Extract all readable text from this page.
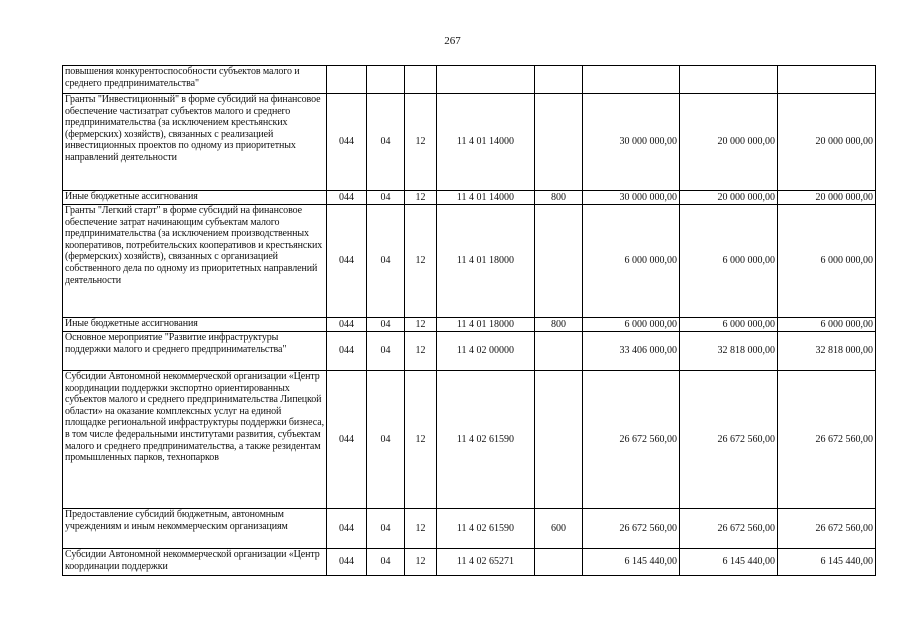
267
повышения конкурентоспособности субъектов малого и среднего предпринимательства"								
Гранты "Инвестиционный" в форме субсидий на финансовое обеспечение частизатрат субъектов малого и среднего предпринимательства (за исключением крестьянских (фермерских) хозяйств), связанных с реализацией инвестиционных проектов по одному из приоритетных направлений деятельности	044	04	12	11 4 01 14000		30 000 000,00	20 000 000,00	20 000 000,00
Иные бюджетные ассигнования	044	04	12	11 4 01 14000	800	30 000 000,00	20 000 000,00	20 000 000,00
Гранты "Легкий старт" в форме субсидий на финансовое обеспечение затрат начинающим субъектам малого предпринимательства (за исключением производственных кооперативов, потребительских кооперативов и крестьянских (фермерских) хозяйств), связанных с организацией собственного дела по одному из приоритетных направлений деятельности	044	04	12	11 4 01 18000		6 000 000,00	6 000 000,00	6 000 000,00
Иные бюджетные ассигнования	044	04	12	11 4 01 18000	800	6 000 000,00	6 000 000,00	6 000 000,00
Основное мероприятие "Развитие инфраструктуры поддержки малого и среднего предпринимательства"	044	04	12	11 4 02 00000		33 406 000,00	32 818 000,00	32 818 000,00
Субсидии Автономной некоммерческой организации «Центр координации поддержки экспортно ориентированных субъектов малого и среднего предпринимательства Липецкой области» на оказание комплексных услуг на единой площадке региональной инфраструктуры поддержки бизнеса, в том числе федеральными институтами развития, субъектам малого и среднего предпринимательства, а также резидентам промышленных парков, технопарков	044	04	12	11 4 02 61590		26 672 560,00	26 672 560,00	26 672 560,00
Предоставление субсидий бюджетным, автономным учреждениям и иным некоммерческим организациям	044	04	12	11 4 02 61590	600	26 672 560,00	26 672 560,00	26 672 560,00
Субсидии Автономной некоммерческой организации «Центр координации поддержки	044	04	12	11 4 02 65271		6 145 440,00	6 145 440,00	6 145 440,00
